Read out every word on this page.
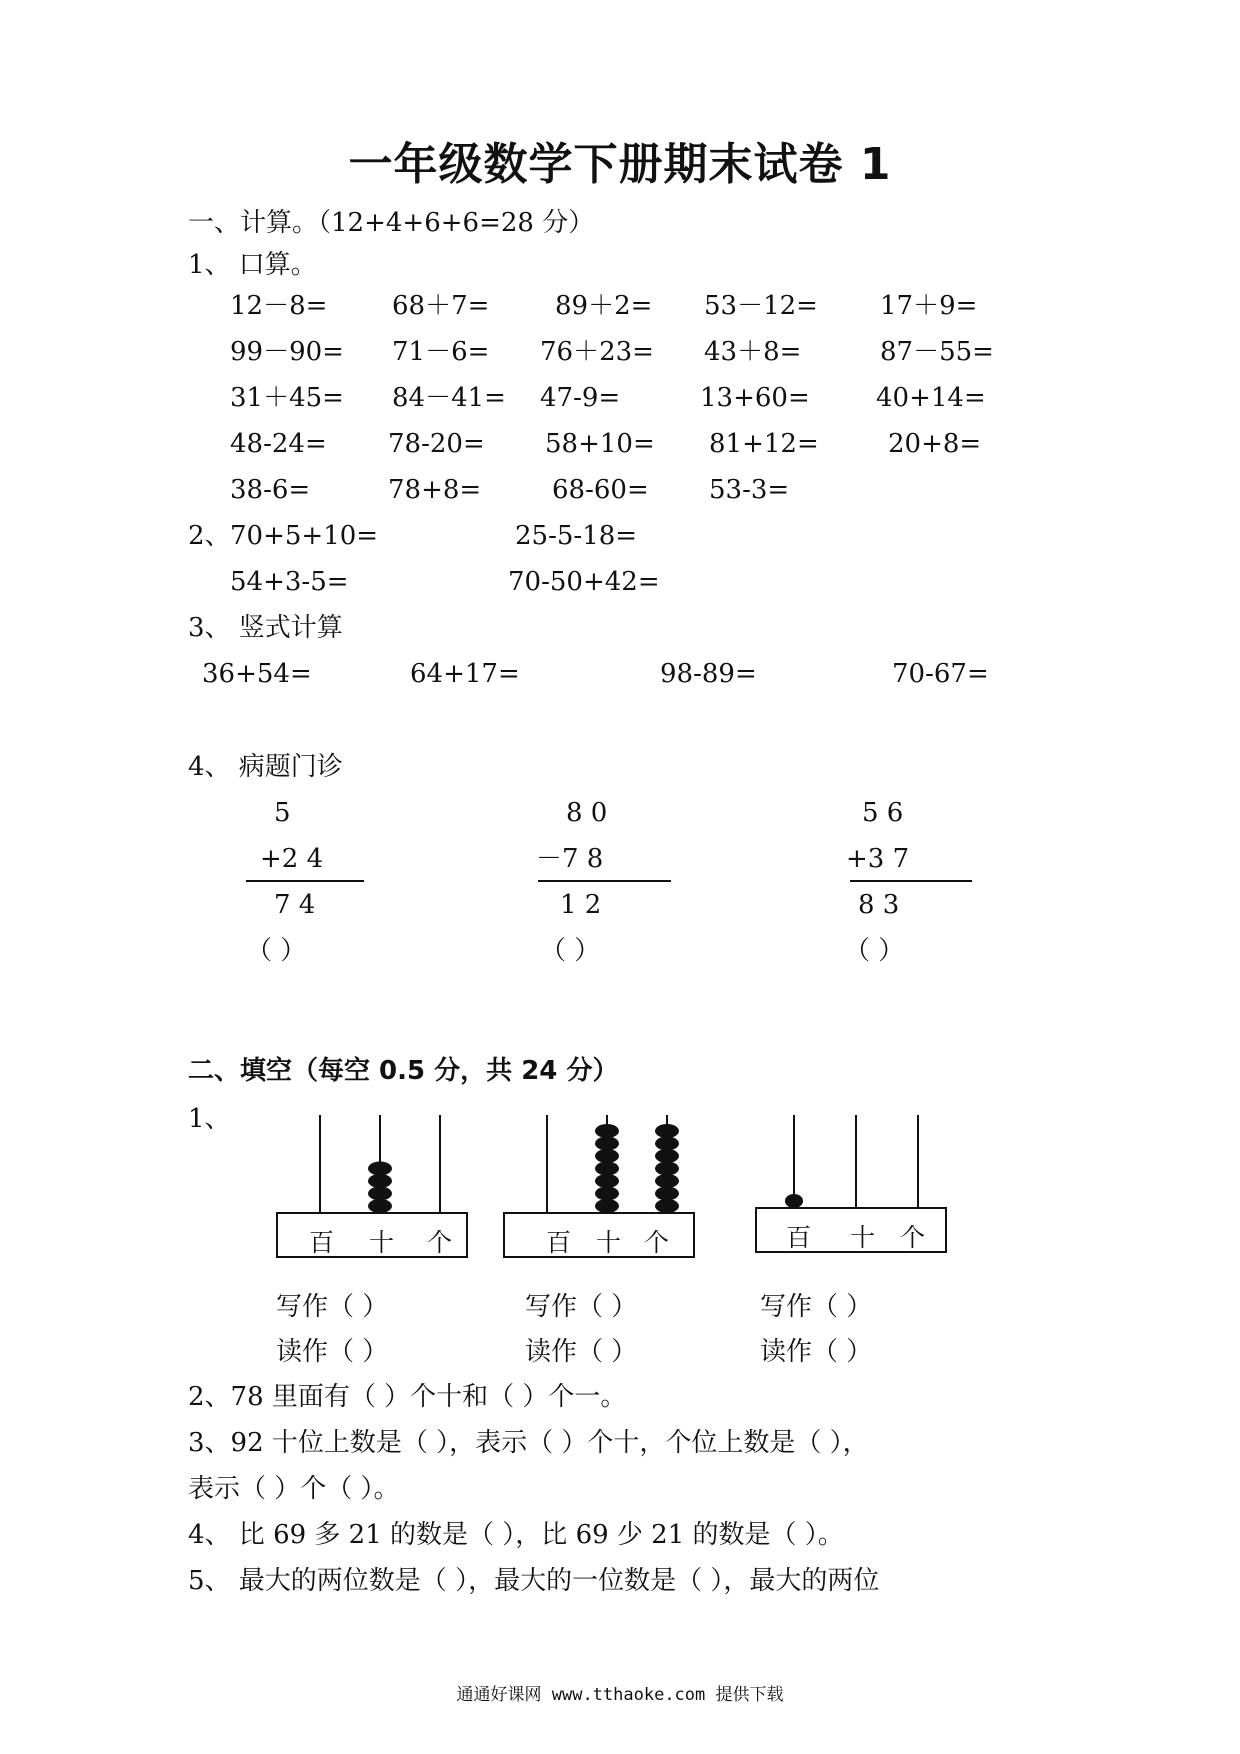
一年级数学下册期末试卷 1
一、计算。（12+4+6+6=28 分）
1、 口算。
12－8= 68＋7=	89＋2= 53－12= 17＋9=
99－90= 71－6= 76＋23= 43＋8=	87－55=
31＋45= 84－41= 47-9=	13+60=	40+14=
48-24= 78-20= 58+10= 81+12=	20+8=
38-6=	78+8=	68-60= 53-3=
2、 70+5+10=	25-5-18=
54+3-5=	70-50+42=
3、 竖式计算
36+54=	64+17=	98-89=	70-67=
4、 病题门诊
5
+2 4
7 4
（ ）
8 0
－7 8
1 2
（ ）
5 6
+3 7
8 3
（ ）
二、填空（每空 0.5 分，共 24 分）
1、
百 十 个	百 十 个	百 十 个
写作（ ）	写作（ ）	写作（ ）
读作（ ）	读作（ ）	读作（ ）
2、78 里面有（ ）个十和（ ）个一。
3、92 十位上数是（ ），表示（ ）个十，个位上数是（ ），
表示（ ）个（ ）。
4、 比 69 多 21 的数是（ ），比 69 少 21 的数是（ ）。
5、 最大的两位数是（ ），最大的一位数是（ ），最大的两位
通通好课网 www.tthaoke.com 提供下载
